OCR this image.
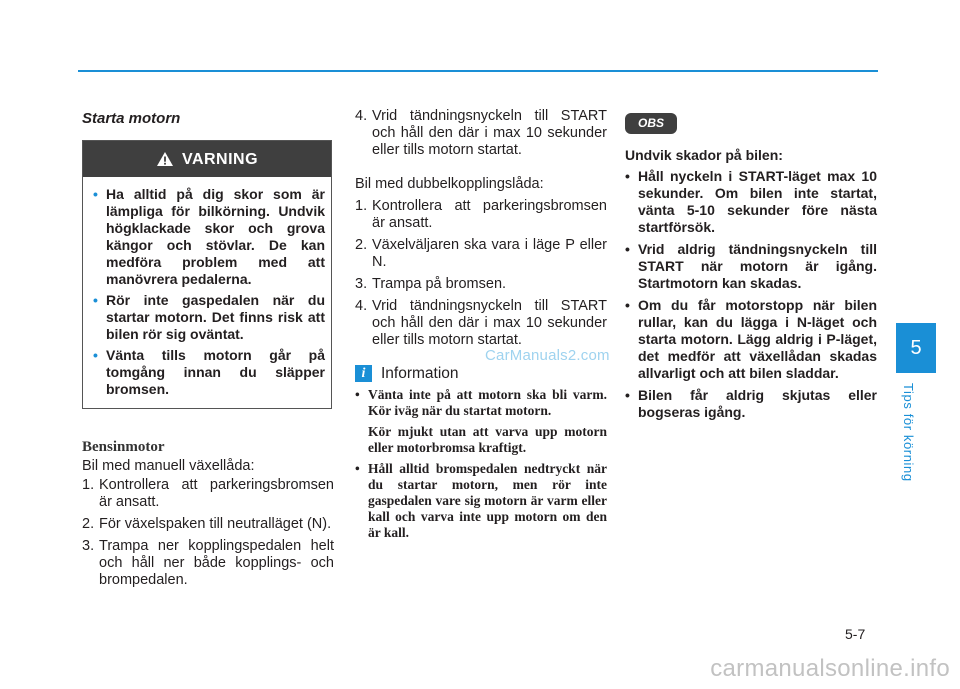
Starta motorn
VARNING
• Ha alltid på dig skor som är lämpliga för bilkörning. Undvik högklackade skor och grova kängor och stövlar. De kan medföra problem med att manövrera pedalerna.
• Rör inte gaspedalen när du startar motorn. Det finns risk att bilen rör sig oväntat.
• Vänta tills motorn går på tomgång innan du släpper bromsen.
Bensinmotor

Bil med manuell växellåda:

1. Kontrollera att parkeringsbromsen är ansatt.
2. För växelspaken till neutralläget (N).
3. Trampa ner kopplingspedalen helt och håll ner både kopplings- och brompedalen.
4. Vrid tändningsnyckeln till START och håll den där i max 10 sekunder eller tills motorn startat.

Bil med dubbelkopplingslåda:

1. Kontrollera att parkeringsbromsen är ansatt.
2. Växelväljaren ska vara i läge P eller N.
3. Trampa på bromsen.
4. Vrid tändningsnyckeln till START och håll den där i max 10 sekunder eller tills motorn startat.
i	Information
• Vänta inte på att motorn ska bli varm. Kör iväg när du startat motorn.
Kör mjukt utan att varva upp motorn eller motorbromsa kraftigt.
• Håll alltid bromspedalen nedtryckt när du startar motorn, men rör inte gaspedalen vare sig motorn är varm eller kall och varva inte upp motorn om den är kall.
OBS
Undvik skador på bilen:
• Håll nyckeln i START-läget max 10 sekunder. Om bilen inte startat, vänta 5-10 sekunder före nästa startförsök.
• Vrid aldrig tändningsnyckeln till START när motorn är igång. Startmotorn kan skadas.
• Om du får motorstopp när bilen rullar, kan du lägga i N-läget och starta motorn. Lägg aldrig i P-läget, det medför att växellådan skadas allvarligt och att bilen sladdar.
• Bilen får aldrig skjutas eller bogseras igång.
CarManuals2.com	5
Tips för körning
5-7
carmanualsonline.info
